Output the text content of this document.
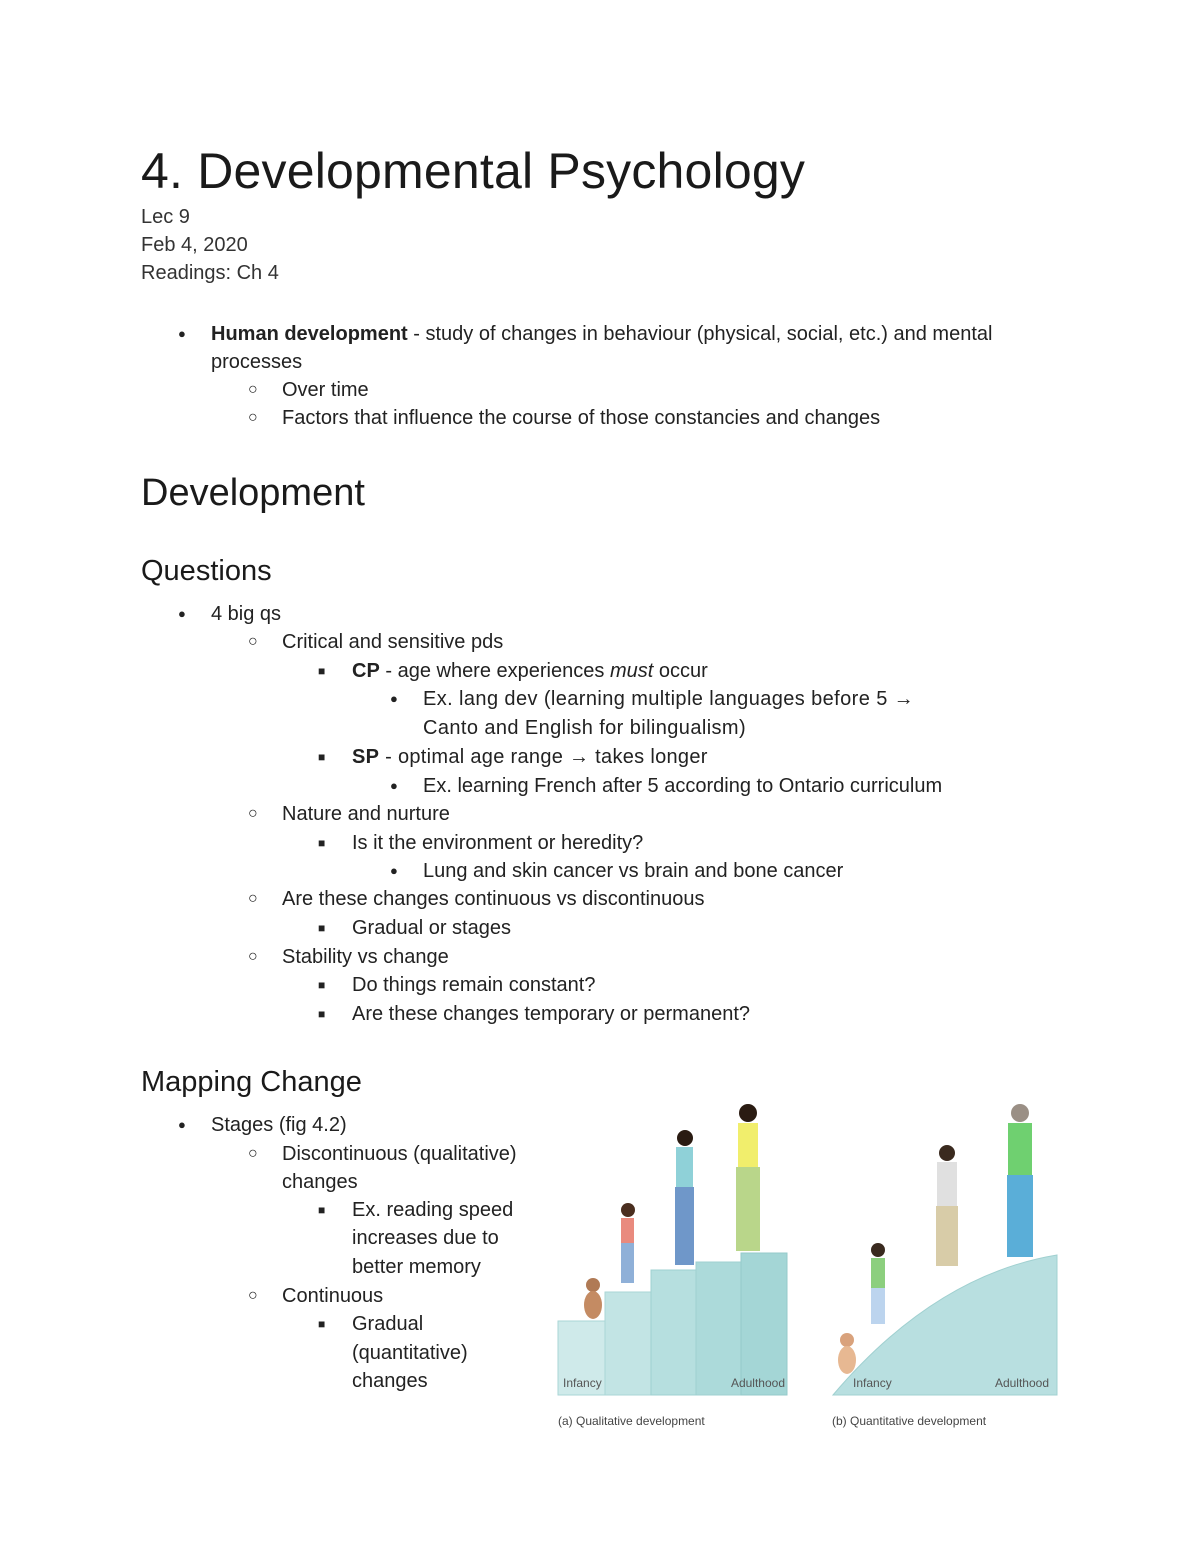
4. Developmental Psychology
Lec 9
Feb 4, 2020
Readings: Ch 4
● Human development - study of changes in behaviour (physical, social, etc.) and mental
processes
○ Over time
○ Factors that influence the course of those constancies and changes
Development
Questions
● 4 big qs
○ Critical and sensitive pds
■ CP - age where experiences must occur
● Ex. lang dev (learning multiple languages before 5 →
Canto and English for bilingualism)
■ SP - optimal age range → takes longer
● Ex. learning French after 5 according to Ontario curriculum
○ Nature and nurture
■ Is it the environment or heredity?
● Lung and skin cancer vs brain and bone cancer
○ Are these changes continuous vs discontinuous
■ Gradual or stages
○ Stability vs change
■ Do things remain constant?
■ Are these changes temporary or permanent?
Mapping Change
● Stages (fig 4.2)
○ Discontinuous (qualitative)
changes
■ Ex. reading speed
increases due to
better memory
○ Continuous
■ Gradual
(quantitative)
changes	Infancy	Adulthood
(a) Qualitative development
Infancy	Adulthood
(b) Quantitative development
